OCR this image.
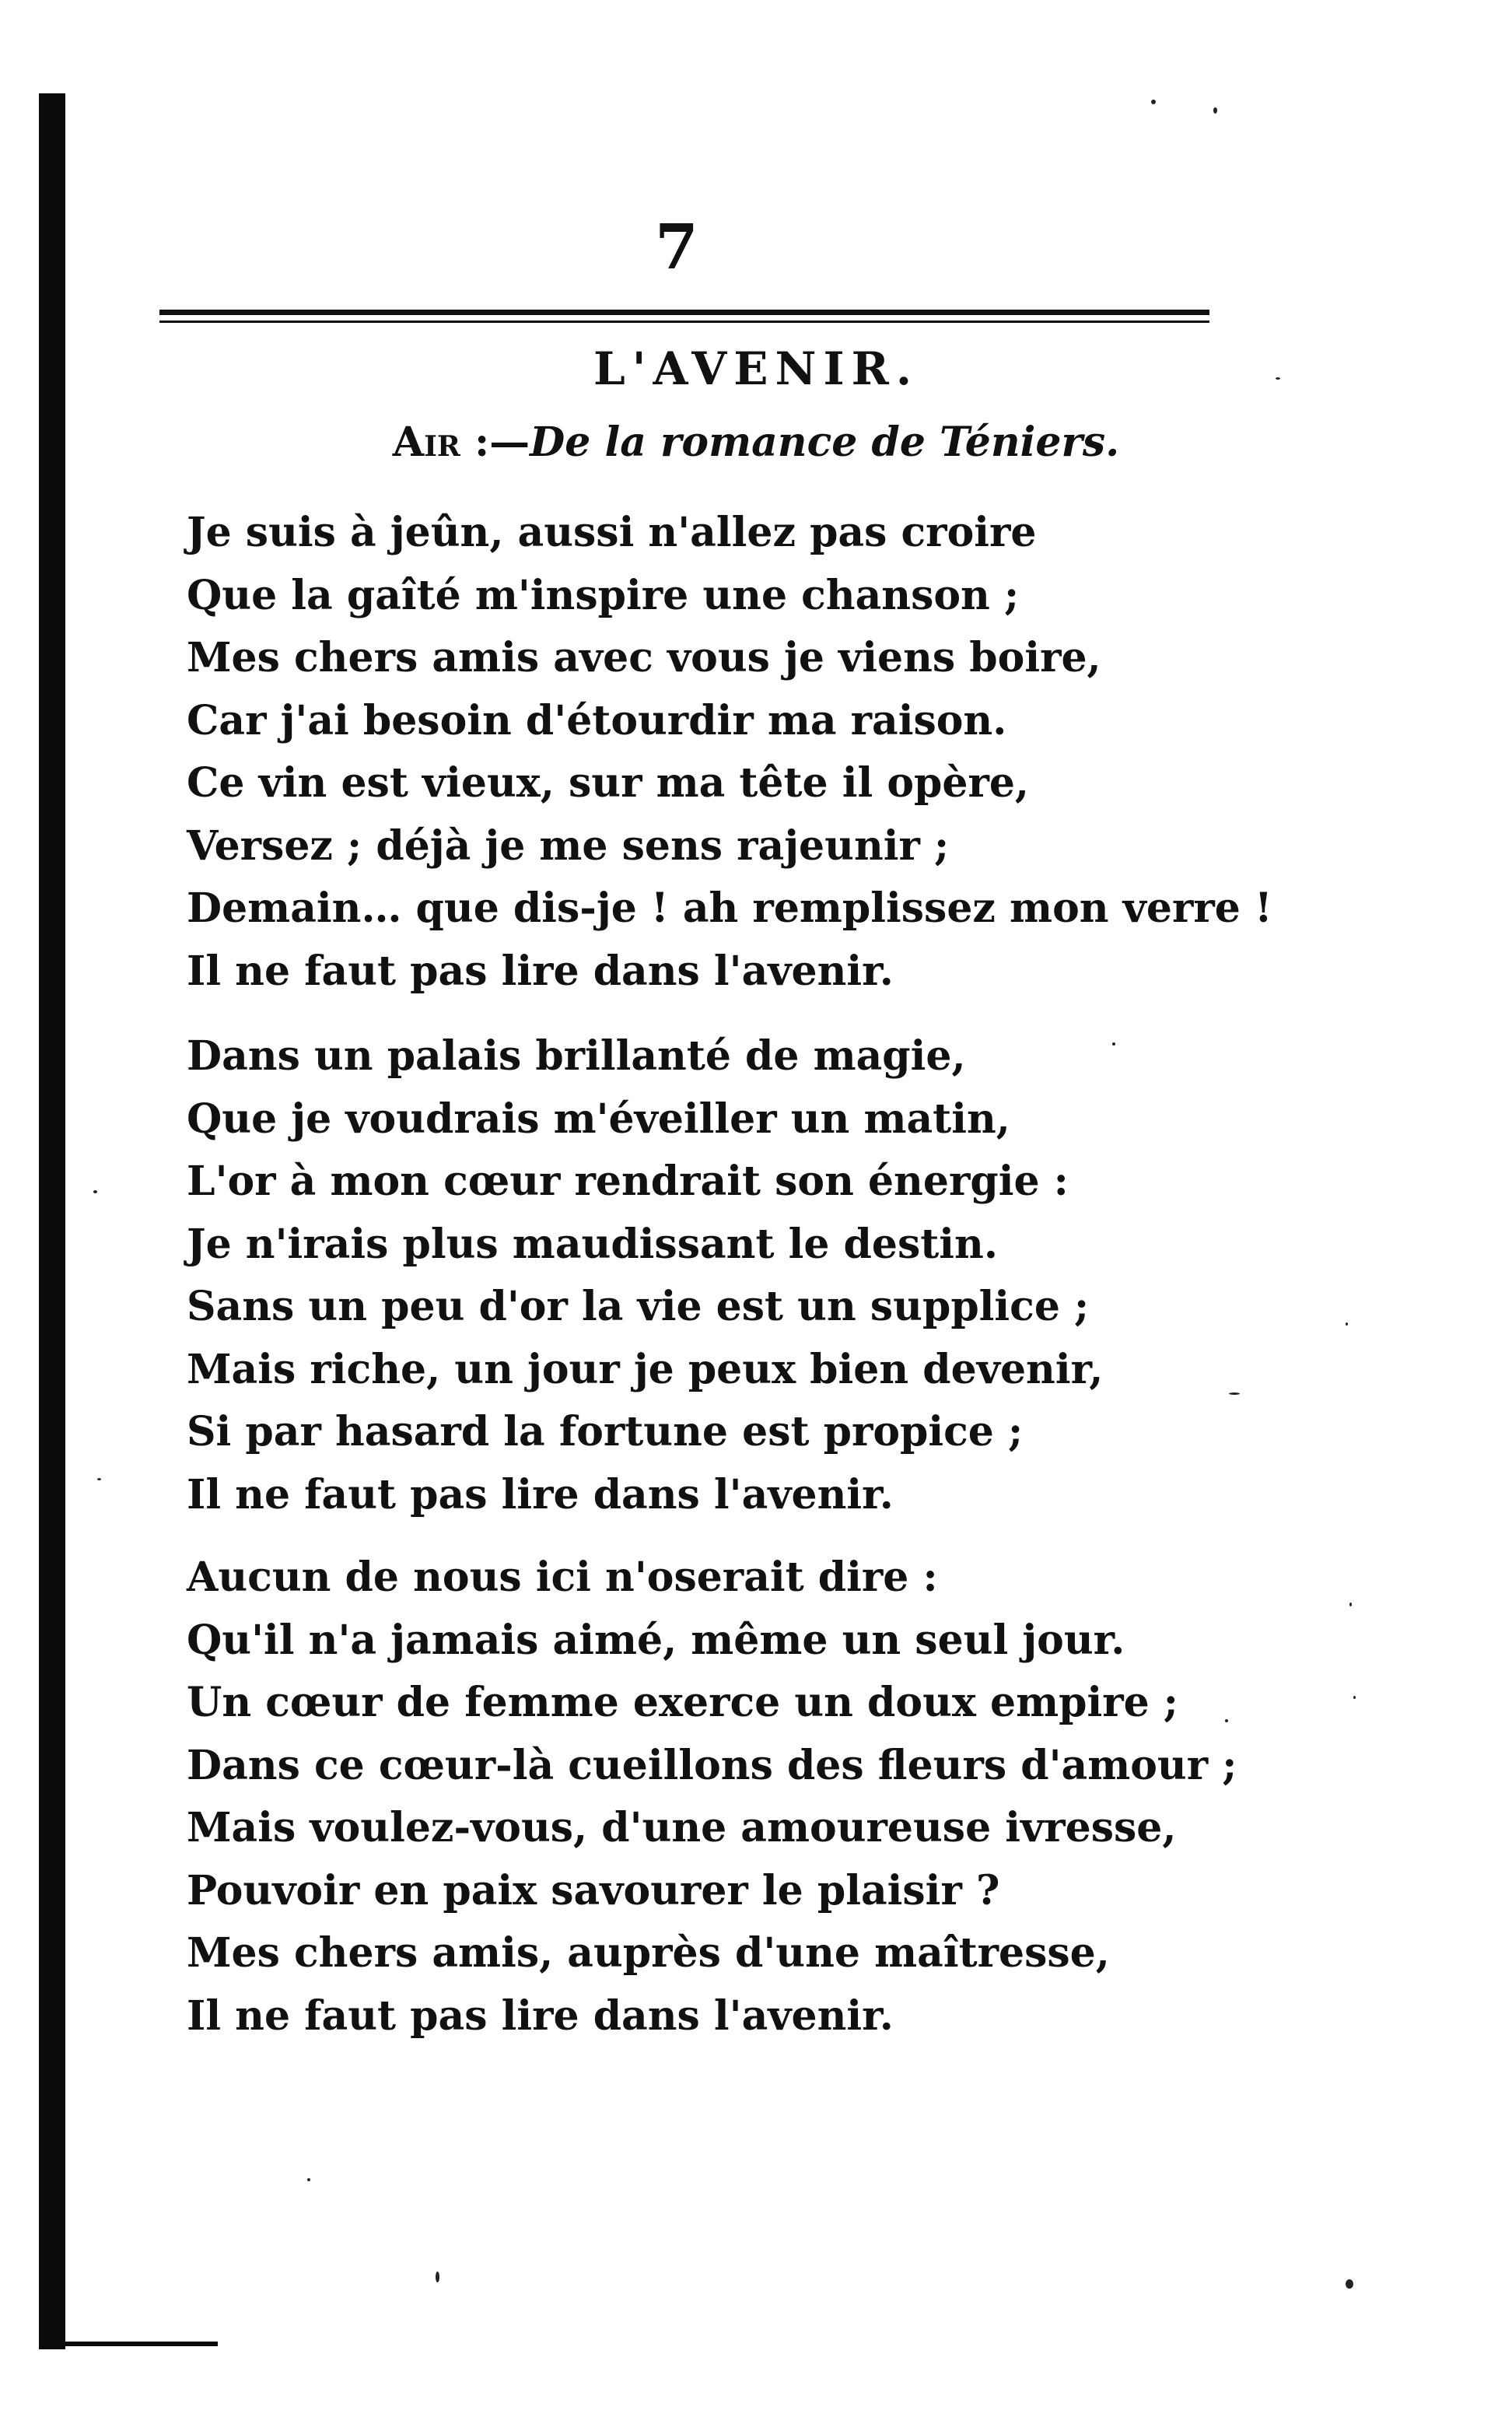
7
L'AVENIR.
Air :—De la romance de Téniers.
Je suis à jeûn, aussi n'allez pas croire
Que la gaîté m'inspire une chanson ;
Mes chers amis avec vous je viens boire,
Car j'ai besoin d'étourdir ma raison.
Ce vin est vieux, sur ma tête il opère,
Versez ; déjà je me sens rajeunir ;
Demain… que dis-je ! ah remplissez mon verre !
Il ne faut pas lire dans l'avenir.
Dans un palais brillanté de magie,
Que je voudrais m'éveiller un matin,
L'or à mon cœur rendrait son énergie :
Je n'irais plus maudissant le destin.
Sans un peu d'or la vie est un supplice ;
Mais riche, un jour je peux bien devenir,
Si par hasard la fortune est propice ;
Il ne faut pas lire dans l'avenir.
Aucun de nous ici n'oserait dire :
Qu'il n'a jamais aimé, même un seul jour.
Un cœur de femme exerce un doux empire ;
Dans ce cœur-là cueillons des fleurs d'amour ;
Mais voulez-vous, d'une amoureuse ivresse,
Pouvoir en paix savourer le plaisir ?
Mes chers amis, auprès d'une maîtresse,
Il ne faut pas lire dans l'avenir.
